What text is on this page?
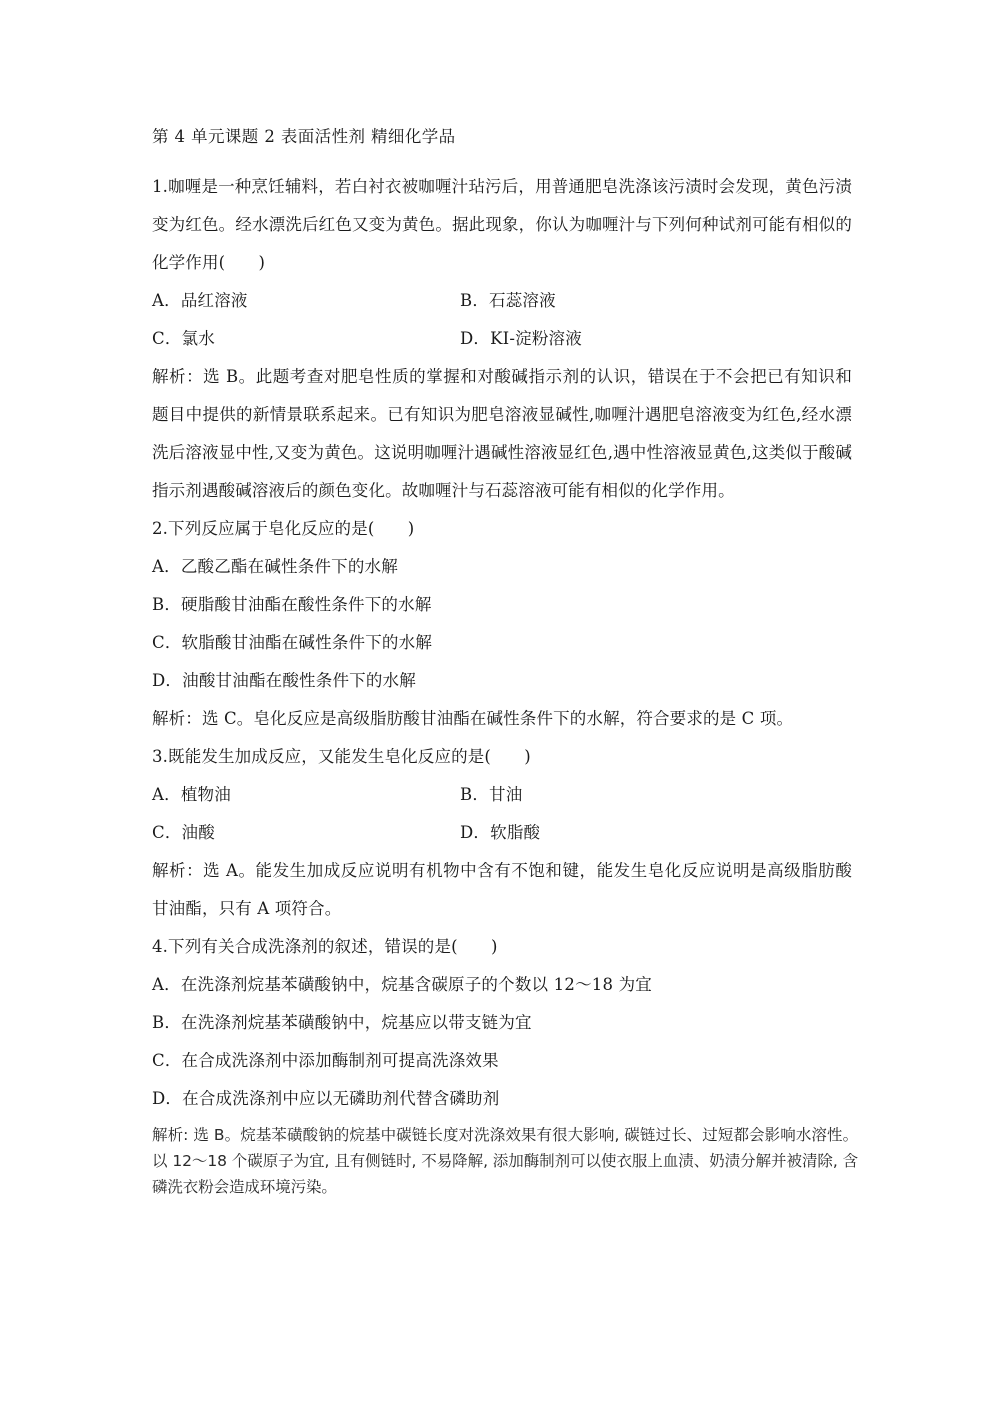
第 4 单元课题 2 表面活性剂 精细化学品
1.咖喱是一种烹饪辅料，若白衬衣被咖喱汁玷污后，用普通肥皂洗涤该污渍时会发现，黄色污渍变为红色。经水漂洗后红色又变为黄色。据此现象，你认为咖喱汁与下列何种试剂可能有相似的化学作用(　　)
A．品红溶液	B．石蕊溶液
C．氯水	D．KI-淀粉溶液
解析：选 B。此题考查对肥皂性质的掌握和对酸碱指示剂的认识，错误在于不会把已有知识和题目中提供的新情景联系起来。已有知识为肥皂溶液显碱性,咖喱汁遇肥皂溶液变为红色,经水漂洗后溶液显中性,又变为黄色。这说明咖喱汁遇碱性溶液显红色,遇中性溶液显黄色,这类似于酸碱指示剂遇酸碱溶液后的颜色变化。故咖喱汁与石蕊溶液可能有相似的化学作用。
2.下列反应属于皂化反应的是(　　)
A．乙酸乙酯在碱性条件下的水解
B．硬脂酸甘油酯在酸性条件下的水解
C．软脂酸甘油酯在碱性条件下的水解
D．油酸甘油酯在酸性条件下的水解
解析：选 C。皂化反应是高级脂肪酸甘油酯在碱性条件下的水解，符合要求的是 C 项。
3.既能发生加成反应，又能发生皂化反应的是(　　)
A．植物油	B．甘油
C．油酸	D．软脂酸
解析：选 A。能发生加成反应说明有机物中含有不饱和键，能发生皂化反应说明是高级脂肪酸甘油酯，只有 A 项符合。
4.下列有关合成洗涤剂的叙述，错误的是(　　)
A．在洗涤剂烷基苯磺酸钠中，烷基含碳原子的个数以 12～18 为宜
B．在洗涤剂烷基苯磺酸钠中，烷基应以带支链为宜
C．在合成洗涤剂中添加酶制剂可提高洗涤效果
D．在合成洗涤剂中应以无磷助剂代替含磷助剂
解析: 选 B。烷基苯磺酸钠的烷基中碳链长度对洗涤效果有很大影响, 碳链过长、过短都会影响水溶性。以 12～18 个碳原子为宜, 且有侧链时, 不易降解, 添加酶制剂可以使衣服上血渍、奶渍分解并被清除, 含磷洗衣粉会造成环境污染。
